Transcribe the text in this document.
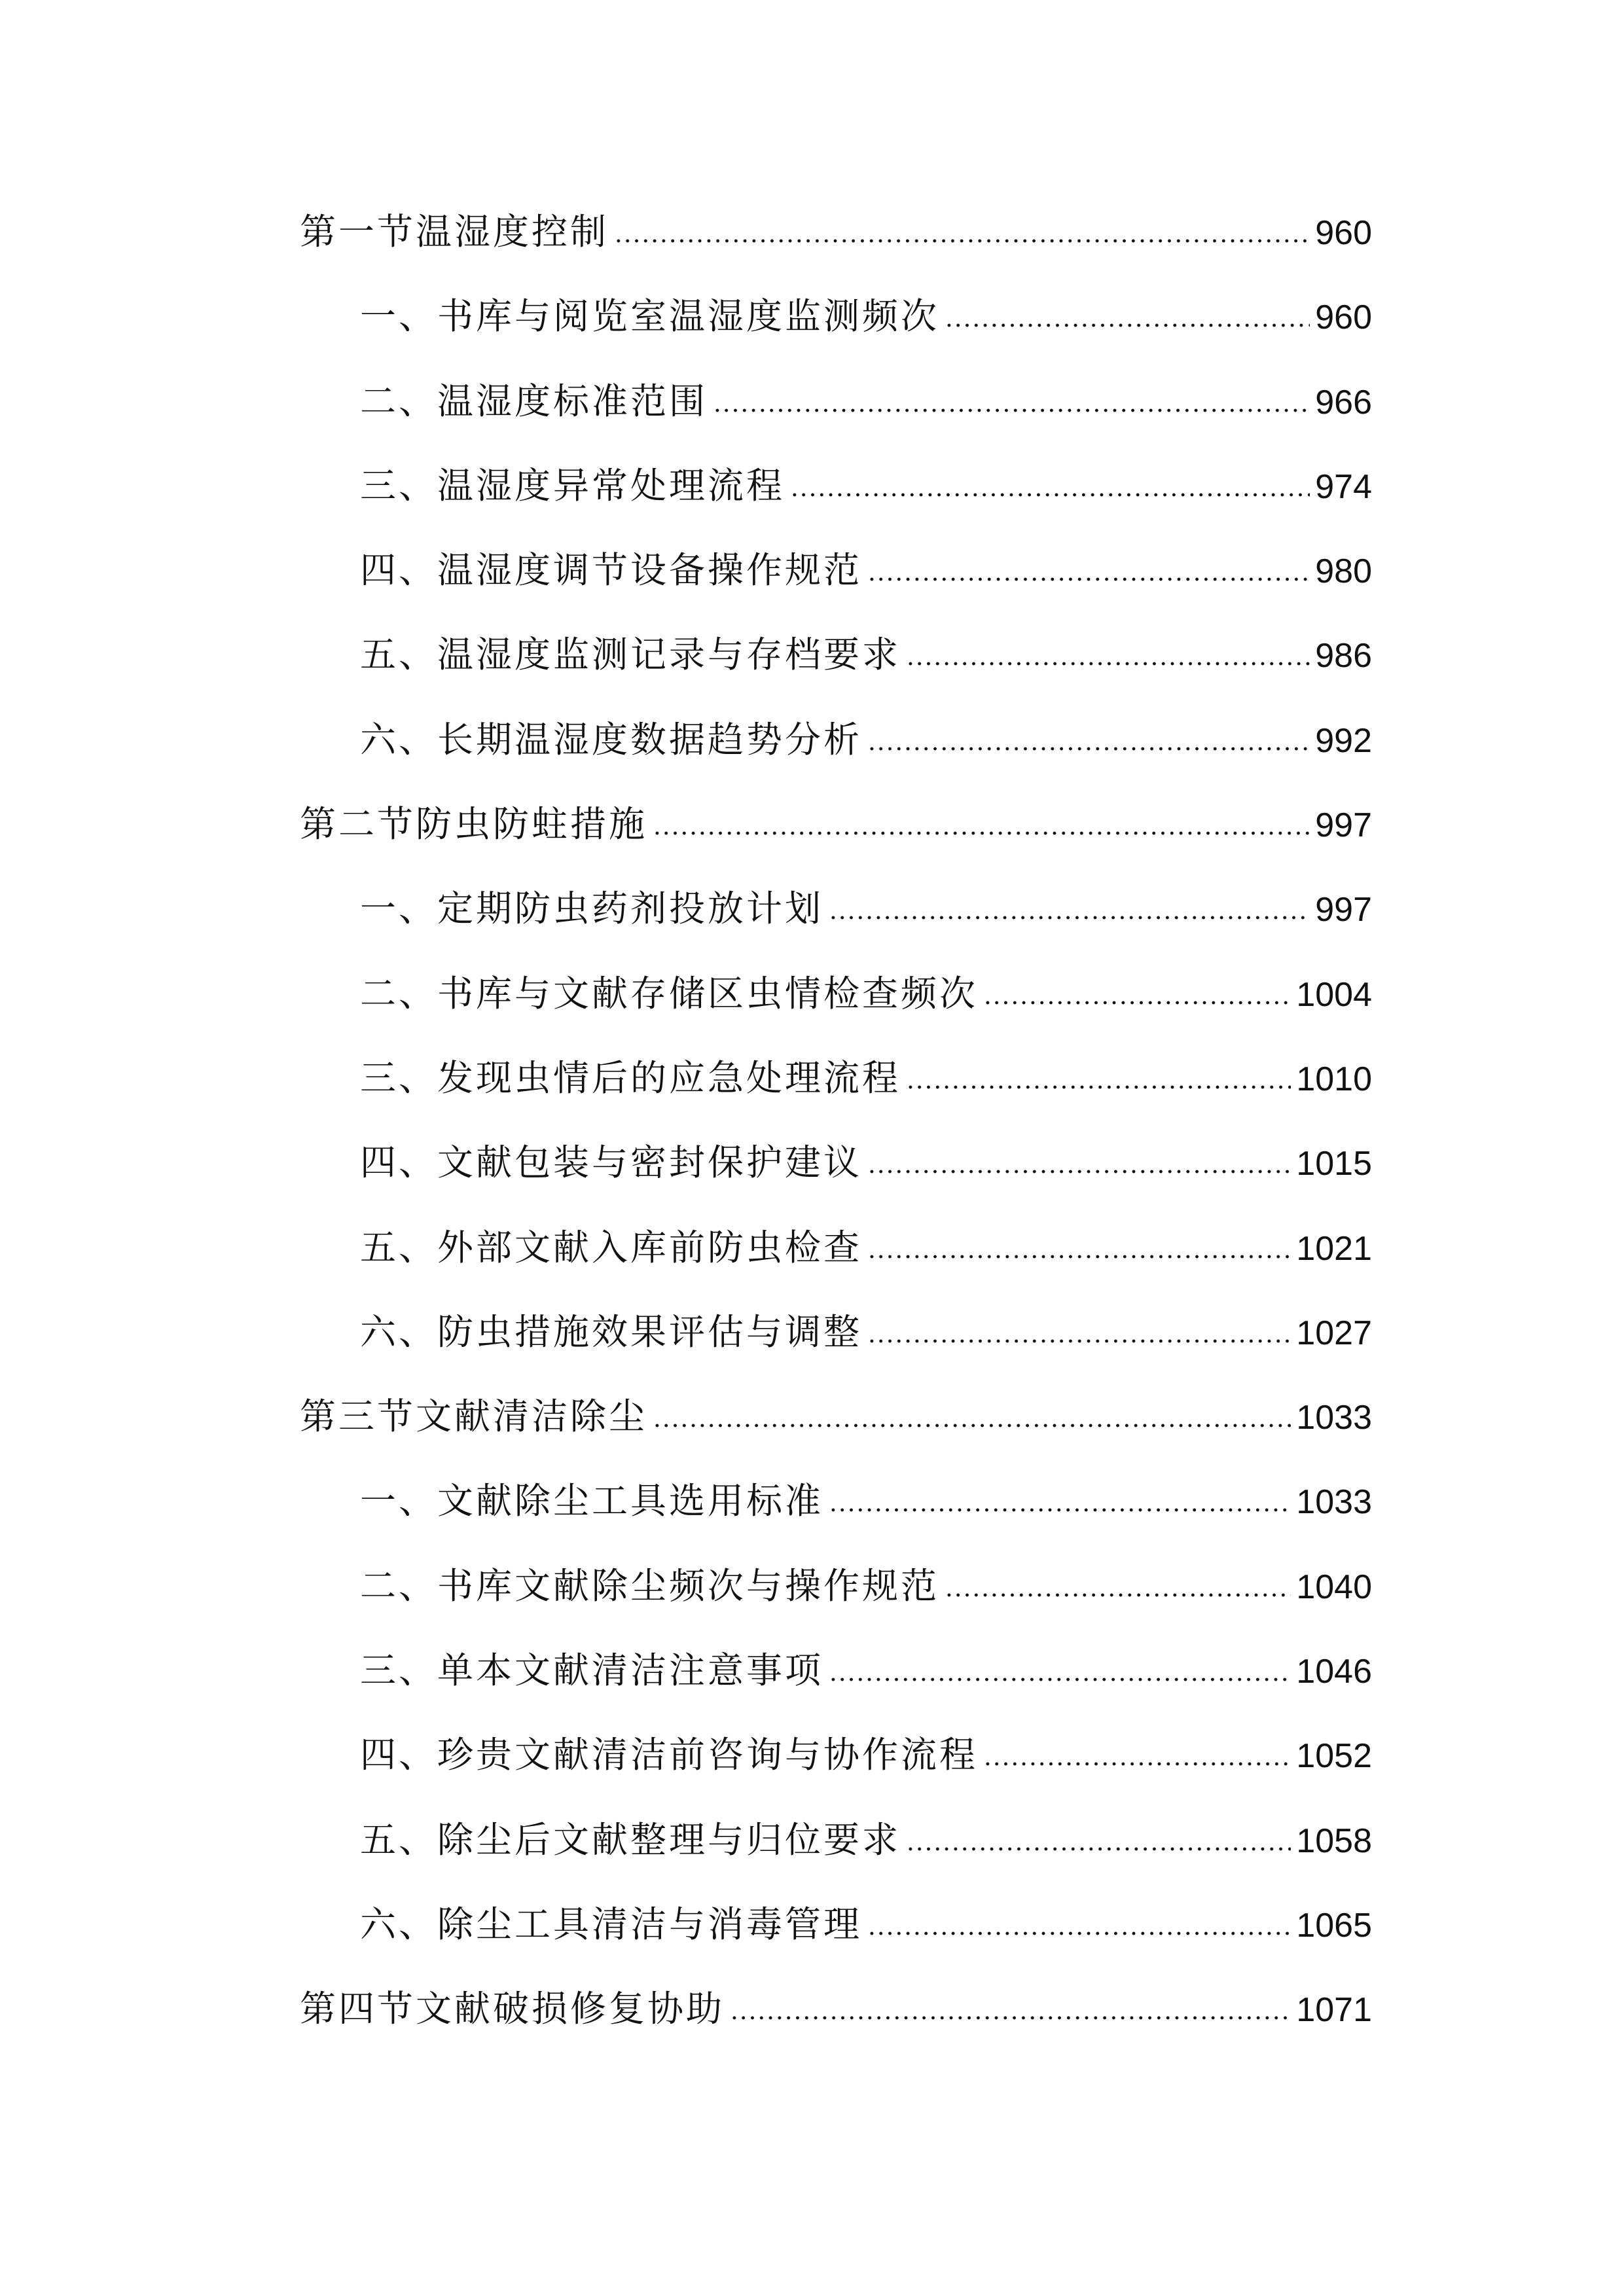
第一节温湿度控制	960
一、书库与阅览室温湿度监测频次	960
二、温湿度标准范围	966
三、温湿度异常处理流程	974
四、温湿度调节设备操作规范	980
五、温湿度监测记录与存档要求	986
六、长期温湿度数据趋势分析	992
第二节防虫防蛀措施	997
一、定期防虫药剂投放计划	997
二、书库与文献存储区虫情检查频次	1004
三、发现虫情后的应急处理流程	1010
四、文献包装与密封保护建议	1015
五、外部文献入库前防虫检查	1021
六、防虫措施效果评估与调整	1027
第三节文献清洁除尘	1033
一、文献除尘工具选用标准	1033
二、书库文献除尘频次与操作规范	1040
三、单本文献清洁注意事项	1046
四、珍贵文献清洁前咨询与协作流程	1052
五、除尘后文献整理与归位要求	1058
六、除尘工具清洁与消毒管理	1065
第四节文献破损修复协助	1071
